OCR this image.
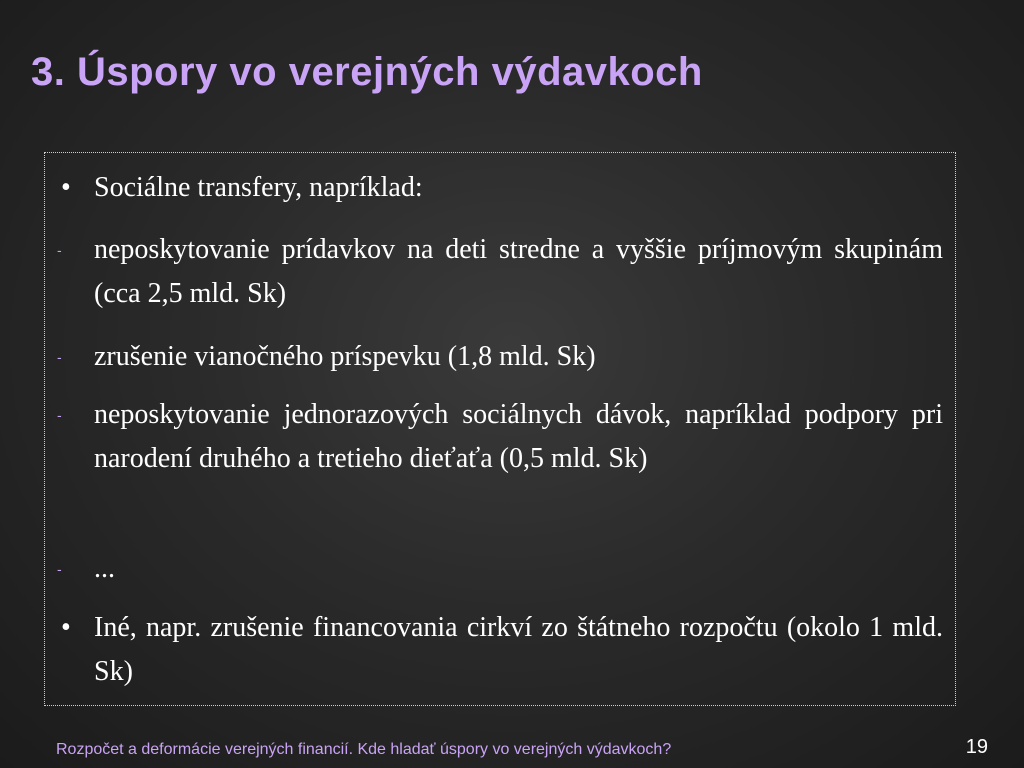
3. Úspory vo verejných výdavkoch
• Sociálne transfery, napríklad:

- neposkytovanie prídavkov na deti stredne a vyššie príjmovým skupinám (cca 2,5 mld. Sk)

- zrušenie vianočného príspevku (1,8 mld. Sk)

- neposkytovanie jednorazových sociálnych dávok, napríklad podpory pri narodení druhého a tretieho dieťaťa (0,5 mld. Sk)

- ...

• Iné, napr. zrušenie financovania cirkví zo štátneho rozpočtu (okolo 1 mld. Sk)

Rozpočet a deformácie verejných financií. Kde hladať úspory vo verejných výdavkoch?	19
